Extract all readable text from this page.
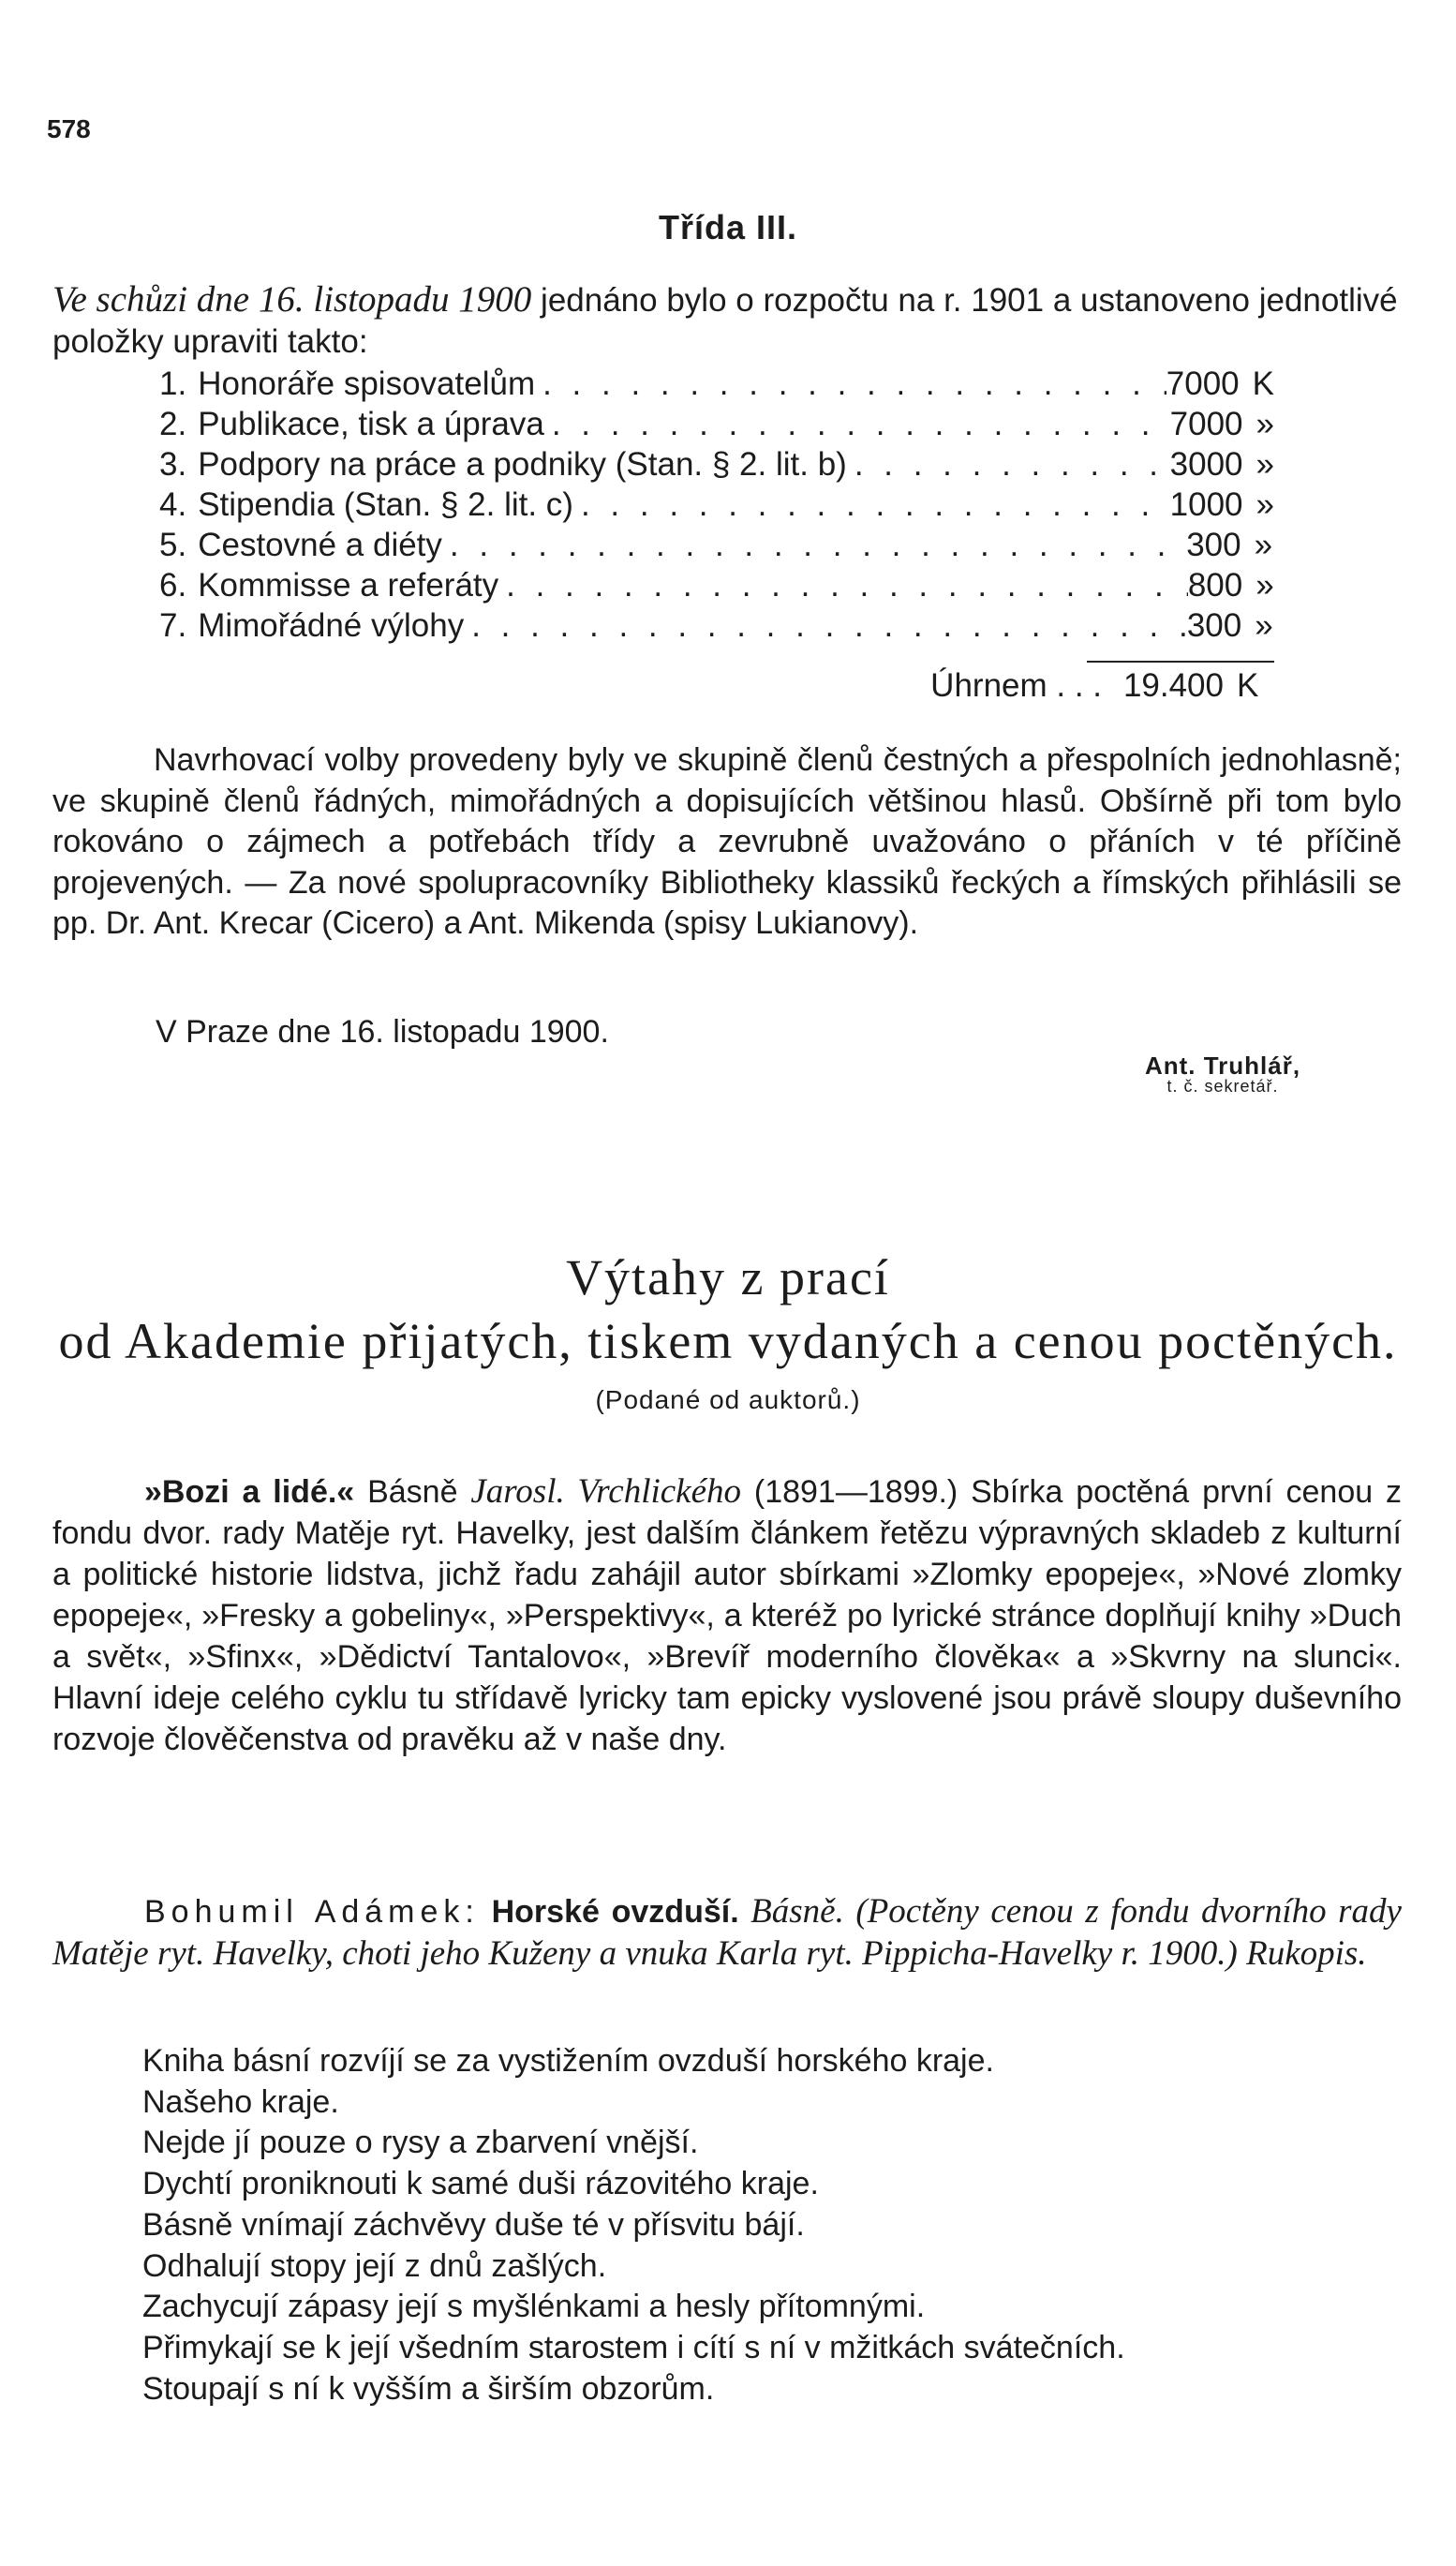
578
Třída III.
Ve schůzi dne 16. listopadu 1900 jednáno bylo o rozpočtu na r. 1901 a ustanoveno jednotlivé položky upraviti takto:
1. Honoráře spisovatelům . . .	7000 K
2. Publikace, tisk a úprava . . .	7000 »
3. Podpory na práce a podniky (Stan. § 2. lit. b) . . .	3000 »
4. Stipendia (Stan. § 2. lit. c) . . .	1000 »
5. Cestovné a diéty . . .	300 »
6. Kommisse a referáty . . .	800 »
7. Mimořádné výlohy . . .	300 »
Úhrnem . . . 19.400 K
Navrhovací volby provedeny byly ve skupině členů čestných a přespolních jednohlasně; ve skupině členů řádných, mimořádných a dopisujících většinou hlasů. Obšírně při tom bylo rokováno o zájmech a potřebách třídy a zevrubně uvažováno o přáních v té příčině projevených. — Za nové spolupracovníky Bibliotheky klassiků řeckých a římských přihlásili se pp. Dr. Ant. Krecar (Cicero) a Ant. Mikenda (spisy Lukianovy).
V Praze dne 16. listopadu 1900.
Ant. Truhlář,
t. č. sekretář.
Výtahy z prací
od Akademie přijatých, tiskem vydaných a cenou poctěných.
(Podané od auktorů.)
»Bozi a lidé.« Básně Jarosl. Vrchlického (1891—1899.) Sbírka poctěná první cenou z fondu dvor. rady Matěje ryt. Havelky, jest dalším článkem řetězu výpravných skladeb z kulturní a politické historie lidstva, jichž řadu zahájil autor sbírkami »Zlomky epopeje«, »Nové zlomky epopeje«, »Fresky a gobeliny«, »Perspektivy«, a kteréž po lyrické stránce doplňují knihy »Duch a svět«, »Sfinx«, »Dědictví Tantalovo«, »Brevíř moderního člověka« a »Skvrny na slunci«. Hlavní ideje celého cyklu tu střídavě lyricky tam epicky vyslovené jsou právě sloupy duševního rozvoje člověčenstva od pravěku až v naše dny.
Bohumil Adámek: Horské ovzduší. Básně. (Poctěny cenou z fondu dvorního rady Matěje ryt. Havelky, choti jeho Kuženy a vnuka Karla ryt. Pippicha-Havelky r. 1900.) Rukopis.
Kniha básní rozvíjí se za vystižením ovzduší horského kraje.
Našeho kraje.
Nejde jí pouze o rysy a zbarvení vnější.
Dychtí proniknouti k samé duši rázovitého kraje.
Básně vnímají záchvěvy duše té v přísvitu bájí.
Odhalují stopy její z dnů zašlých.
Zachycují zápasy její s myšlénkami a hesly přítomnými.
Přimykají se k její všedním starostem i cítí s ní v mžitkách svátečních.
Stoupají s ní k vyšším a širším obzorům.
